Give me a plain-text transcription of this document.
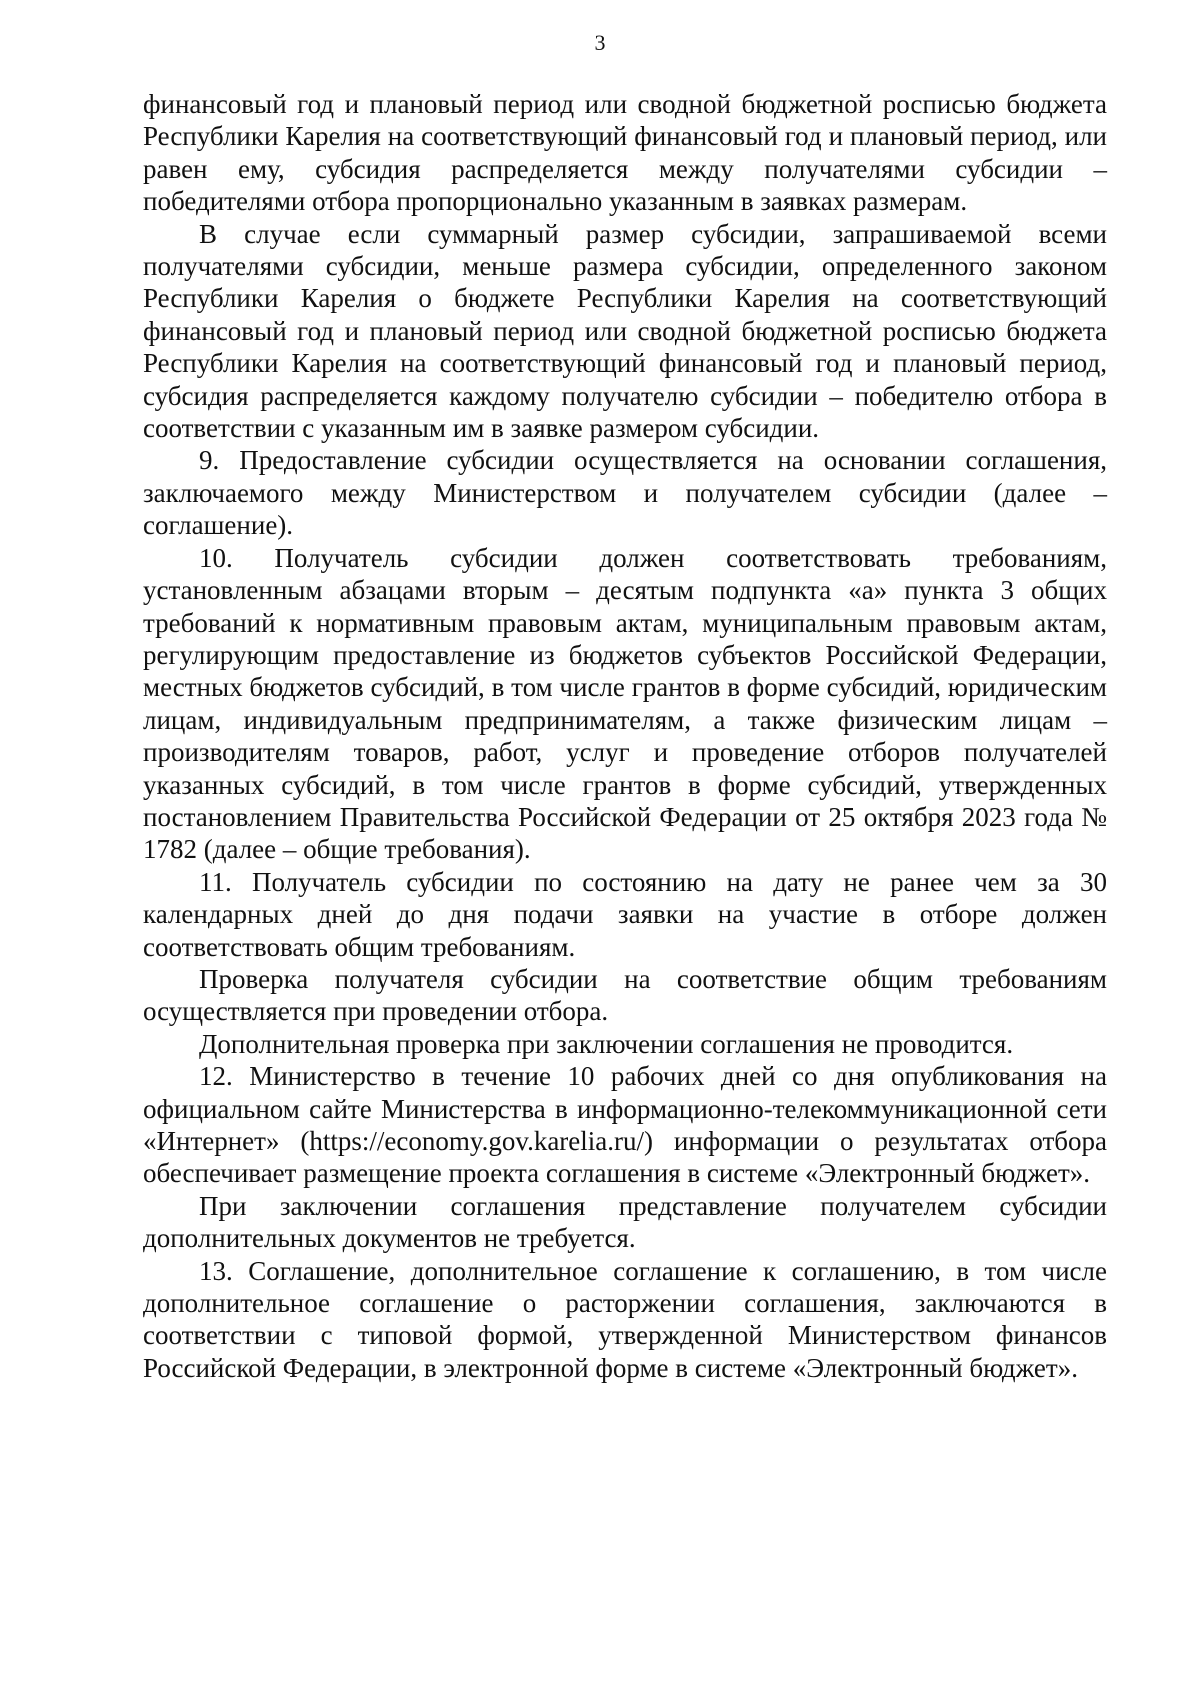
3

финансовый год и плановый период или сводной бюджетной росписью бюджета Республики Карелия на соответствующий финансовый год и плановый период, или равен ему, субсидия распределяется между получателями субсидии – победителями отбора пропорционально указанным в заявках размерам.

В случае если суммарный размер субсидии, запрашиваемой всеми получателями субсидии, меньше размера субсидии, определенного законом Республики Карелия о бюджете Республики Карелия на соответствующий финансовый год и плановый период или сводной бюджетной росписью бюджета Республики Карелия на соответствующий финансовый год и плановый период, субсидия распределяется каждому получателю субсидии – победителю отбора в соответствии с указанным им в заявке размером субсидии.

9. Предоставление субсидии осуществляется на основании соглашения, заключаемого между Министерством и получателем субсидии (далее – соглашение).

10. Получатель субсидии должен соответствовать требованиям, установленным абзацами вторым – десятым подпункта «а» пункта 3 общих требований к нормативным правовым актам, муниципальным правовым актам, регулирующим предоставление из бюджетов субъектов Российской Федерации, местных бюджетов субсидий, в том числе грантов в форме субсидий, юридическим лицам, индивидуальным предпринимателям, а также физическим лицам – производителям товаров, работ, услуг и проведение отборов получателей указанных субсидий, в том числе грантов в форме субсидий, утвержденных постановлением Правительства Российской Федерации от 25 октября 2023 года № 1782 (далее – общие требования).

11. Получатель субсидии по состоянию на дату не ранее чем за 30 календарных дней до дня подачи заявки на участие в отборе должен соответствовать общим требованиям.

Проверка получателя субсидии на соответствие общим требованиям осуществляется при проведении отбора.

Дополнительная проверка при заключении соглашения не проводится.

12. Министерство в течение 10 рабочих дней со дня опубликования на официальном сайте Министерства в информационно-телекоммуникационной сети «Интернет» (https://economy.gov.karelia.ru/) информации о результатах отбора обеспечивает размещение проекта соглашения в системе «Электронный бюджет».

При заключении соглашения представление получателем субсидии дополнительных документов не требуется.

13. Соглашение, дополнительное соглашение к соглашению, в том числе дополнительное соглашение о расторжении соглашения, заключаются в соответствии с типовой формой, утвержденной Министерством финансов Российской Федерации, в электронной форме в системе «Электронный бюджет».
